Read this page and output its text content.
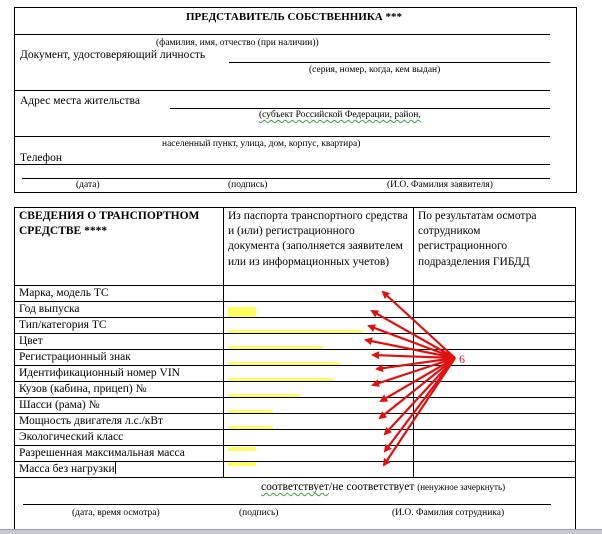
ПРЕДСТАВИТЕЛЬ СОБСТВЕННИКА ***
(фамилия, имя, отчество (при наличии))
Документ, удостоверяющий личность
(серия, номер, когда, кем выдан)
Адрес места жительства
(субъект Российской Федерации, район,
населенный пункт, улица, дом, корпус, квартира)
Телефон
(дата)	(подпись)	(И.О. Фамилия заявителя)
СВЕДЕНИЯ О ТРАНСПОРТНОМ СРЕДСТВЕ ****	Из паспорта транспортного средства и (или) регистрационного документа (заполняется заявителем или из информационных учетов)	По результатам осмотра сотрудником регистрационного подразделения ГИБДД
Марка, модель ТС		
Год выпуска		
Тип/категория ТС		
Цвет		
Регистрационный знак		
Идентификационный номер VIN		
Кузов (кабина, прицеп) №		
Шасси (рама) №		
Мощность двигателя л.с./кВт		
Экологический класс		
Разрешенная максимальная масса		
Масса без нагрузки		

соответствует/не соответствует (ненужное зачеркнуть)
(дата, время осмотра) (подпись) (И.О. Фамилия сотрудника)		
6
